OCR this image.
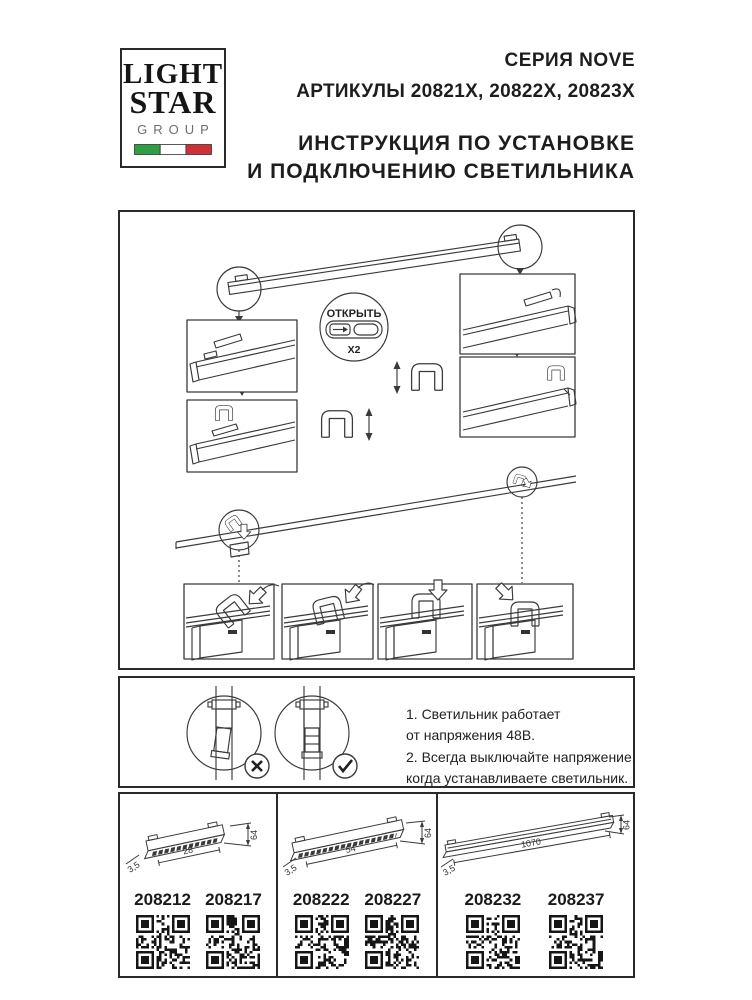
LIGHT
STAR
GROUP
СЕРИЯ NOVE
АРТИКУЛЫ 20821X, 20822X, 20823X
ИНСТРУКЦИЯ ПО УСТАНОВКЕ
И ПОДКЛЮЧЕНИЮ СВЕТИЛЬНИКА
ОТКРЫТЬ
X2
1. Светильник работает
от напряжения 48В.
2. Всегда выключайте напряжение,
когда устанавливаете светильник.
28
3,5
64
208212 208217
54
3,5
64
208222 208227
1070
3,5
64
208232 208237
